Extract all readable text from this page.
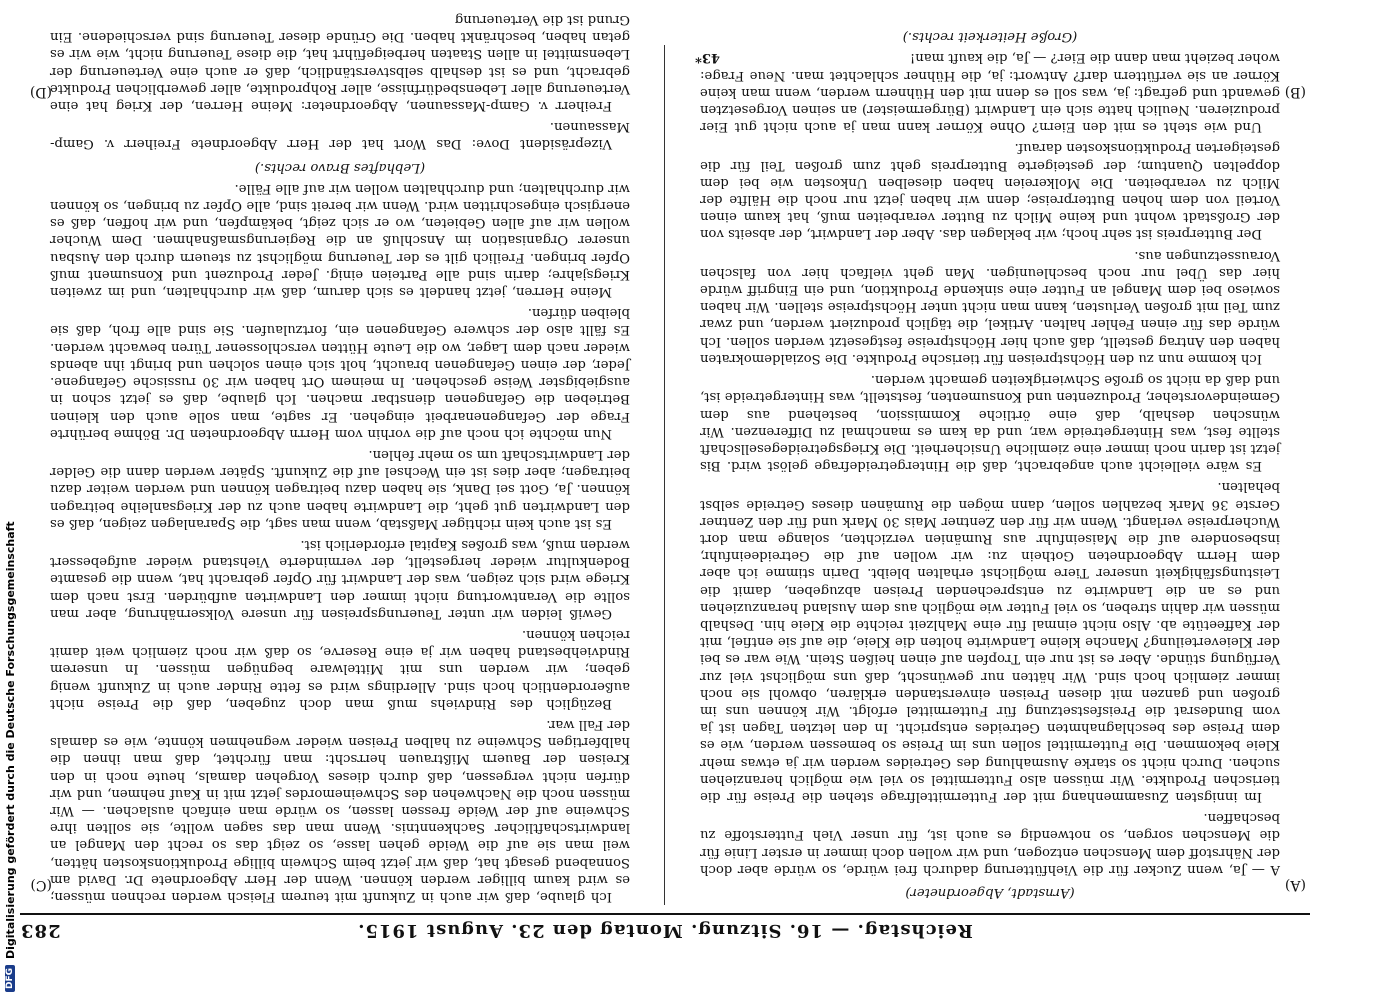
Reichstag. — 16. Sitzung. Montag den 23. August 1915.
283
(A)
(B)
(C)
(D)

(Arnstadt, Abgeordneter)

A — Ja, wenn Zucker für die Viehfütterung dadurch frei würde, so würde aber doch der Nährstoff dem Menschen entzogen, und wir wollen doch immer in erster Linie für die Menschen sorgen, so notwendig es auch ist, für unser Vieh Futterstoffe zu beschaffen.

Im innigsten Zusammenhang mit der Futtermittelfrage stehen die Preise für die tierischen Produkte. Wir müssen also Futtermittel so viel wie möglich heranziehen suchen. Durch nicht so starke Ausmahlung des Getreides werden wir ja etwas mehr Kleie bekommen. Die Futtermittel sollen uns im Preise so bemessen werden, wie es dem Preise des beschlagnahmten Getreides entspricht. In den letzten Tagen ist ja vom Bundesrat die Preisfestsetzung für Futtermittel erfolgt. Wir können uns im großen und ganzen mit diesen Preisen einverstanden erklären, obwohl sie noch immer ziemlich hoch sind. Wir hätten nur gewünscht, daß uns möglichst viel zur Verfügung stünde. Aber es ist nur ein Tropfen auf einen heißen Stein. Wie war es bei der Kleieverteilung? Manche kleine Landwirte holten die Kleie, die auf sie entfiel, mit der Kaffeetüte ab. Also nicht einmal für eine Mahlzeit reichte die Kleie hin. Deshalb müssen wir dahin streben, so viel Futter wie möglich aus dem Ausland heranzuziehen und es an die Landwirte zu entsprechenden Preisen abzugeben, damit die Leistungsfähigkeit unserer Tiere möglichst erhalten bleibt. Darin stimme ich aber dem Herrn Abgeordneten Gothein zu: wir wollen auf die Getreideeinfuhr, insbesondere auf die Maiseinfuhr aus Rumänien verzichten, solange man dort Wucherpreise verlangt. Wenn wir für den Zentner Mais 30 Mark und für den Zentner Gerste 36 Mark bezahlen sollen, dann mögen die Rumänen dieses Getreide selbst behalten.

Es wäre vielleicht auch angebracht, daß die Hintergetreidefrage gelöst wird. Bis jetzt ist darin noch immer eine ziemliche Unsicherheit. Die Kriegsgetreidegesellschaft stellte fest, was Hintergetreide war, und da kam es manchmal zu Differenzen. Wir wünschen deshalb, daß eine örtliche Kommission, bestehend aus dem Gemeindevorsteher, Produzenten und Konsumenten, feststellt, was Hintergetreide ist, und daß da nicht so große Schwierigkeiten gemacht werden.

Ich komme nun zu den Höchstpreisen für tierische Produkte. Die Sozialdemokraten haben den Antrag gestellt, daß auch hier Höchstpreise festgesetzt werden sollen. Ich würde das für einen Fehler halten. Artikel, die täglich produziert werden, und zwar zum Teil mit großen Verlusten, kann man nicht unter Höchstpreise stellen. Wir haben sowieso bei dem Mangel an Futter eine sinkende Produktion, und ein Eingriff würde hier das Übel nur noch beschleunigen. Man geht vielfach hier von falschen Voraussetzungen aus.

Der Butterpreis ist sehr hoch; wir beklagen das. Aber der Landwirt, der abseits von der Großstadt wohnt und keine Milch zu Butter verarbeiten muß, hat kaum einen Vorteil von dem hohen Butterpreise; denn wir haben jetzt nur noch die Hälfte der Milch zu verarbeiten. Die Molkereien haben dieselben Unkosten wie bei dem doppelten Quantum; der gesteigerte Butterpreis geht zum großen Teil für die gesteigerten Produktionskosten darauf.

Und wie steht es mit den Eiern? Ohne Körner kann man ja auch nicht gut Eier produzieren. Neulich hatte sich ein Landwirt (Bürgermeister) an seinen Vorgesetzten gewandt und gefragt: ja, was soll es denn mit den Hühnern werden, wenn man keine Körner an sie verfüttern darf? Antwort: ja, die Hühner schlachtet man. Neue Frage: woher bezieht man dann die Eier? — Ja, die kauft man!

(Große Heiterkeit rechts.)

Ich glaube, daß wir auch in Zukunft mit teurem Fleisch werden rechnen müssen; es wird kaum billiger werden können. Wenn der Herr Abgeordnete Dr. David am Sonnabend gesagt hat, daß wir jetzt beim Schwein billige Produktionskosten hätten, weil man sie auf die Weide gehen lasse, so zeigt das so recht den Mangel an landwirtschaftlicher Sachkenntnis. Wenn man das sagen wollte, sie sollten ihre Schweine auf der Weide fressen lassen, so würde man einfach auslachen. — Wir müssen noch die Nachwehen des Schweinemordes jetzt mit in Kauf nehmen, und wir dürfen nicht vergessen, daß durch dieses Vorgehen damals, heute noch in den Kreisen der Bauern Mißtrauen herrscht: man fürchtet, daß man ihnen die halbfertigen Schweine zu halben Preisen wieder wegnehmen könnte, wie es damals der Fall war.

Bezüglich des Rindviehs muß man doch zugeben, daß die Preise nicht außerordentlich hoch sind. Allerdings wird es fette Rinder auch in Zukunft wenig geben; wir werden uns mit Mittelware begnügen müssen. In unserem Rindviehbestand haben wir ja eine Reserve, so daß wir noch ziemlich weit damit reichen können.

Gewiß leiden wir unter Teuerungspreisen für unsere Volksernährung, aber man sollte die Verantwortung nicht immer den Landwirten aufbürden. Erst nach dem Kriege wird sich zeigen, was der Landwirt für Opfer gebracht hat, wenn die gesamte Bodenkultur wieder hergestellt, der verminderte Viehstand wieder aufgebessert werden muß, was großes Kapital erforderlich ist.

Es ist auch kein richtiger Maßstab, wenn man sagt, die Sparanlagen zeigen, daß es den Landwirten gut geht, die Landwirte haben auch zu der Kriegsanleihe beitragen können. Ja, Gott sei Dank, sie haben dazu beitragen können und werden weiter dazu beitragen; aber dies ist ein Wechsel auf die Zukunft. Später werden dann die Gelder der Landwirtschaft um so mehr fehlen.

Nun möchte ich noch auf die vorhin vom Herrn Abgeordneten Dr. Böhme berührte Frage der Gefangenenarbeit eingehen. Er sagte, man solle auch den kleinen Betrieben die Gefangenen dienstbar machen. Ich glaube, daß es jetzt schon in ausgiebigster Weise geschehen. In meinem Ort haben wir 30 russische Gefangene. Jeder, der einen Gefangenen braucht, holt sich einen solchen und bringt ihn abends wieder nach dem Lager, wo die Leute Hütten verschlossener Türen bewacht werden. Es fällt also der schwere Gefangenen ein, fortzulaufen. Sie sind alle froh, daß sie bleiben dürfen.

Meine Herren, jetzt handelt es sich darum, daß wir durchhalten, und im zweiten Kriegsjahre; darin sind alle Parteien einig. Jeder Produzent und Konsument muß Opfer bringen. Freilich gilt es der Teuerung möglichst zu steuern durch den Ausbau unserer Organisation im Anschluß an die Regierungsmaßnahmen. Dem Wucher wollen wir auf allen Gebieten, wo er sich zeigt, bekämpfen, und wir hoffen, daß es energisch eingeschritten wird. Wenn wir bereit sind, alle Opfer zu bringen, so können wir durchhalten; und durchhalten wollen wir auf alle Fälle.

(Lebhaftes Bravo rechts.)

Vizepräsident Dove: Das Wort hat der Herr Abgeordnete Freiherr v. Gamp-Massaunen.

Freiherr v. Gamp-Massaunen, Abgeordneter: Meine Herren, der Krieg hat eine Verteuerung aller Lebensbedürfnisse, aller Rohprodukte, aller gewerblichen Produkte gebracht, und es ist deshalb selbstverständlich, daß er auch eine Verteuerung der Lebensmittel in allen Staaten herbeigeführt hat, die diese Teuerung nicht, wie wir es getan haben, beschränkt haben. Die Gründe dieser Teuerung sind verschiedene. Ein Grund ist die Verteuerung

43*
DFG
Digitalisierung gefördert durch die Deutsche Forschungsgemeinschaft
